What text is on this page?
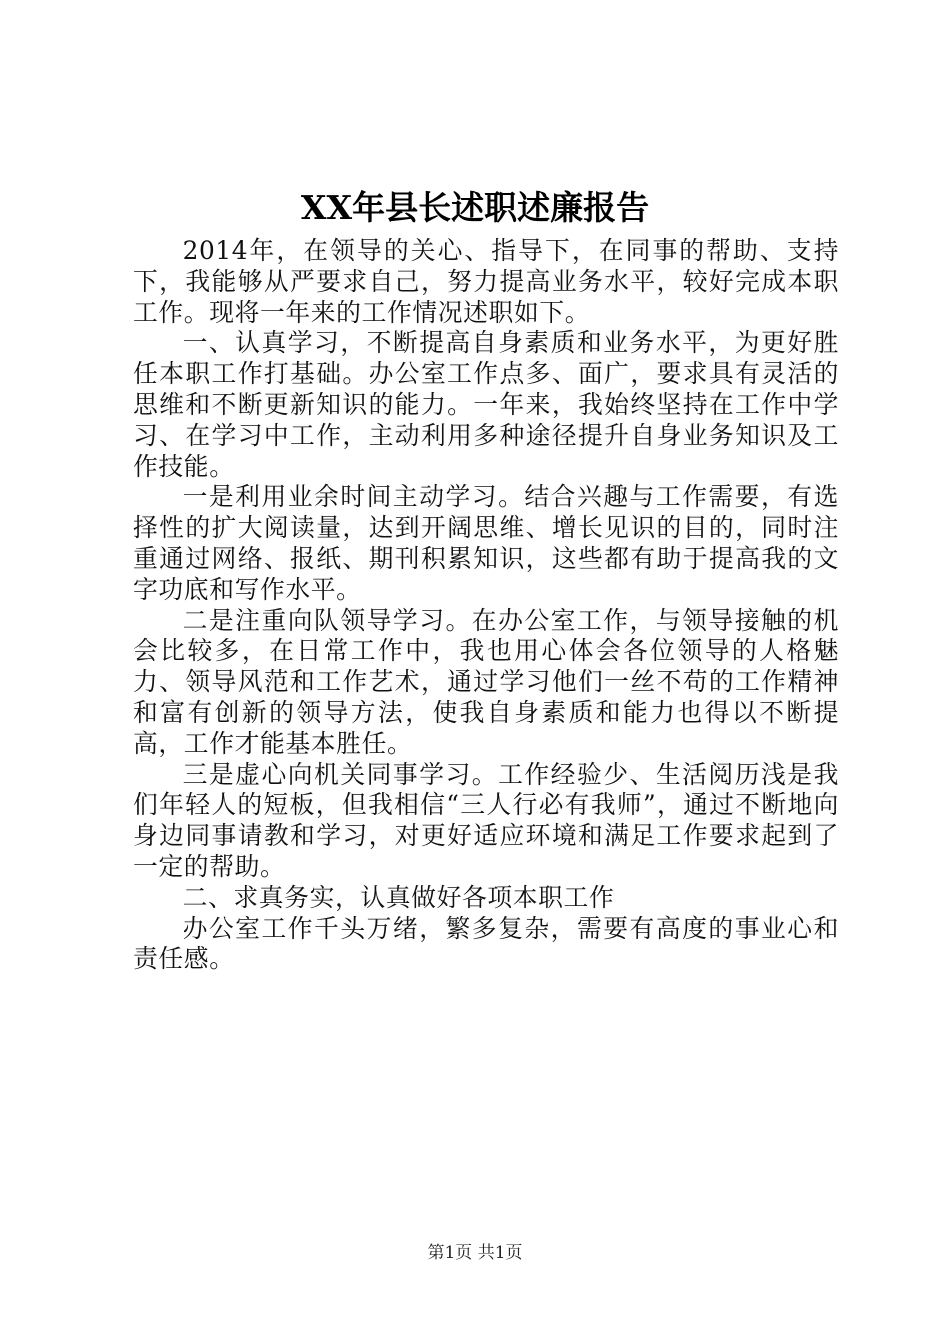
XX年县长述职述廉报告

2014年，在领导的关心、指导下，在同事的帮助、支持下，我能够从严要求自己，努力提高业务水平，较好完成本职工作。现将一年来的工作情况述职如下。

一、认真学习，不断提高自身素质和业务水平，为更好胜任本职工作打基础。办公室工作点多、面广，要求具有灵活的思维和不断更新知识的能力。一年来，我始终坚持在工作中学习、在学习中工作，主动利用多种途径提升自身业务知识及工作技能。

一是利用业余时间主动学习。结合兴趣与工作需要，有选择性的扩大阅读量，达到开阔思维、增长见识的目的，同时注重通过网络、报纸、期刊积累知识，这些都有助于提高我的文字功底和写作水平。

二是注重向队领导学习。在办公室工作，与领导接触的机会比较多，在日常工作中，我也用心体会各位领导的人格魅力、领导风范和工作艺术，通过学习他们一丝不苟的工作精神和富有创新的领导方法，使我自身素质和能力也得以不断提高，工作才能基本胜任。

三是虚心向机关同事学习。工作经验少、生活阅历浅是我们年轻人的短板，但我相信“三人行必有我师”，通过不断地向身边同事请教和学习，对更好适应环境和满足工作要求起到了一定的帮助。

二、求真务实，认真做好各项本职工作

办公室工作千头万绪，繁多复杂，需要有高度的事业心和责任感。

第1页 共1页
